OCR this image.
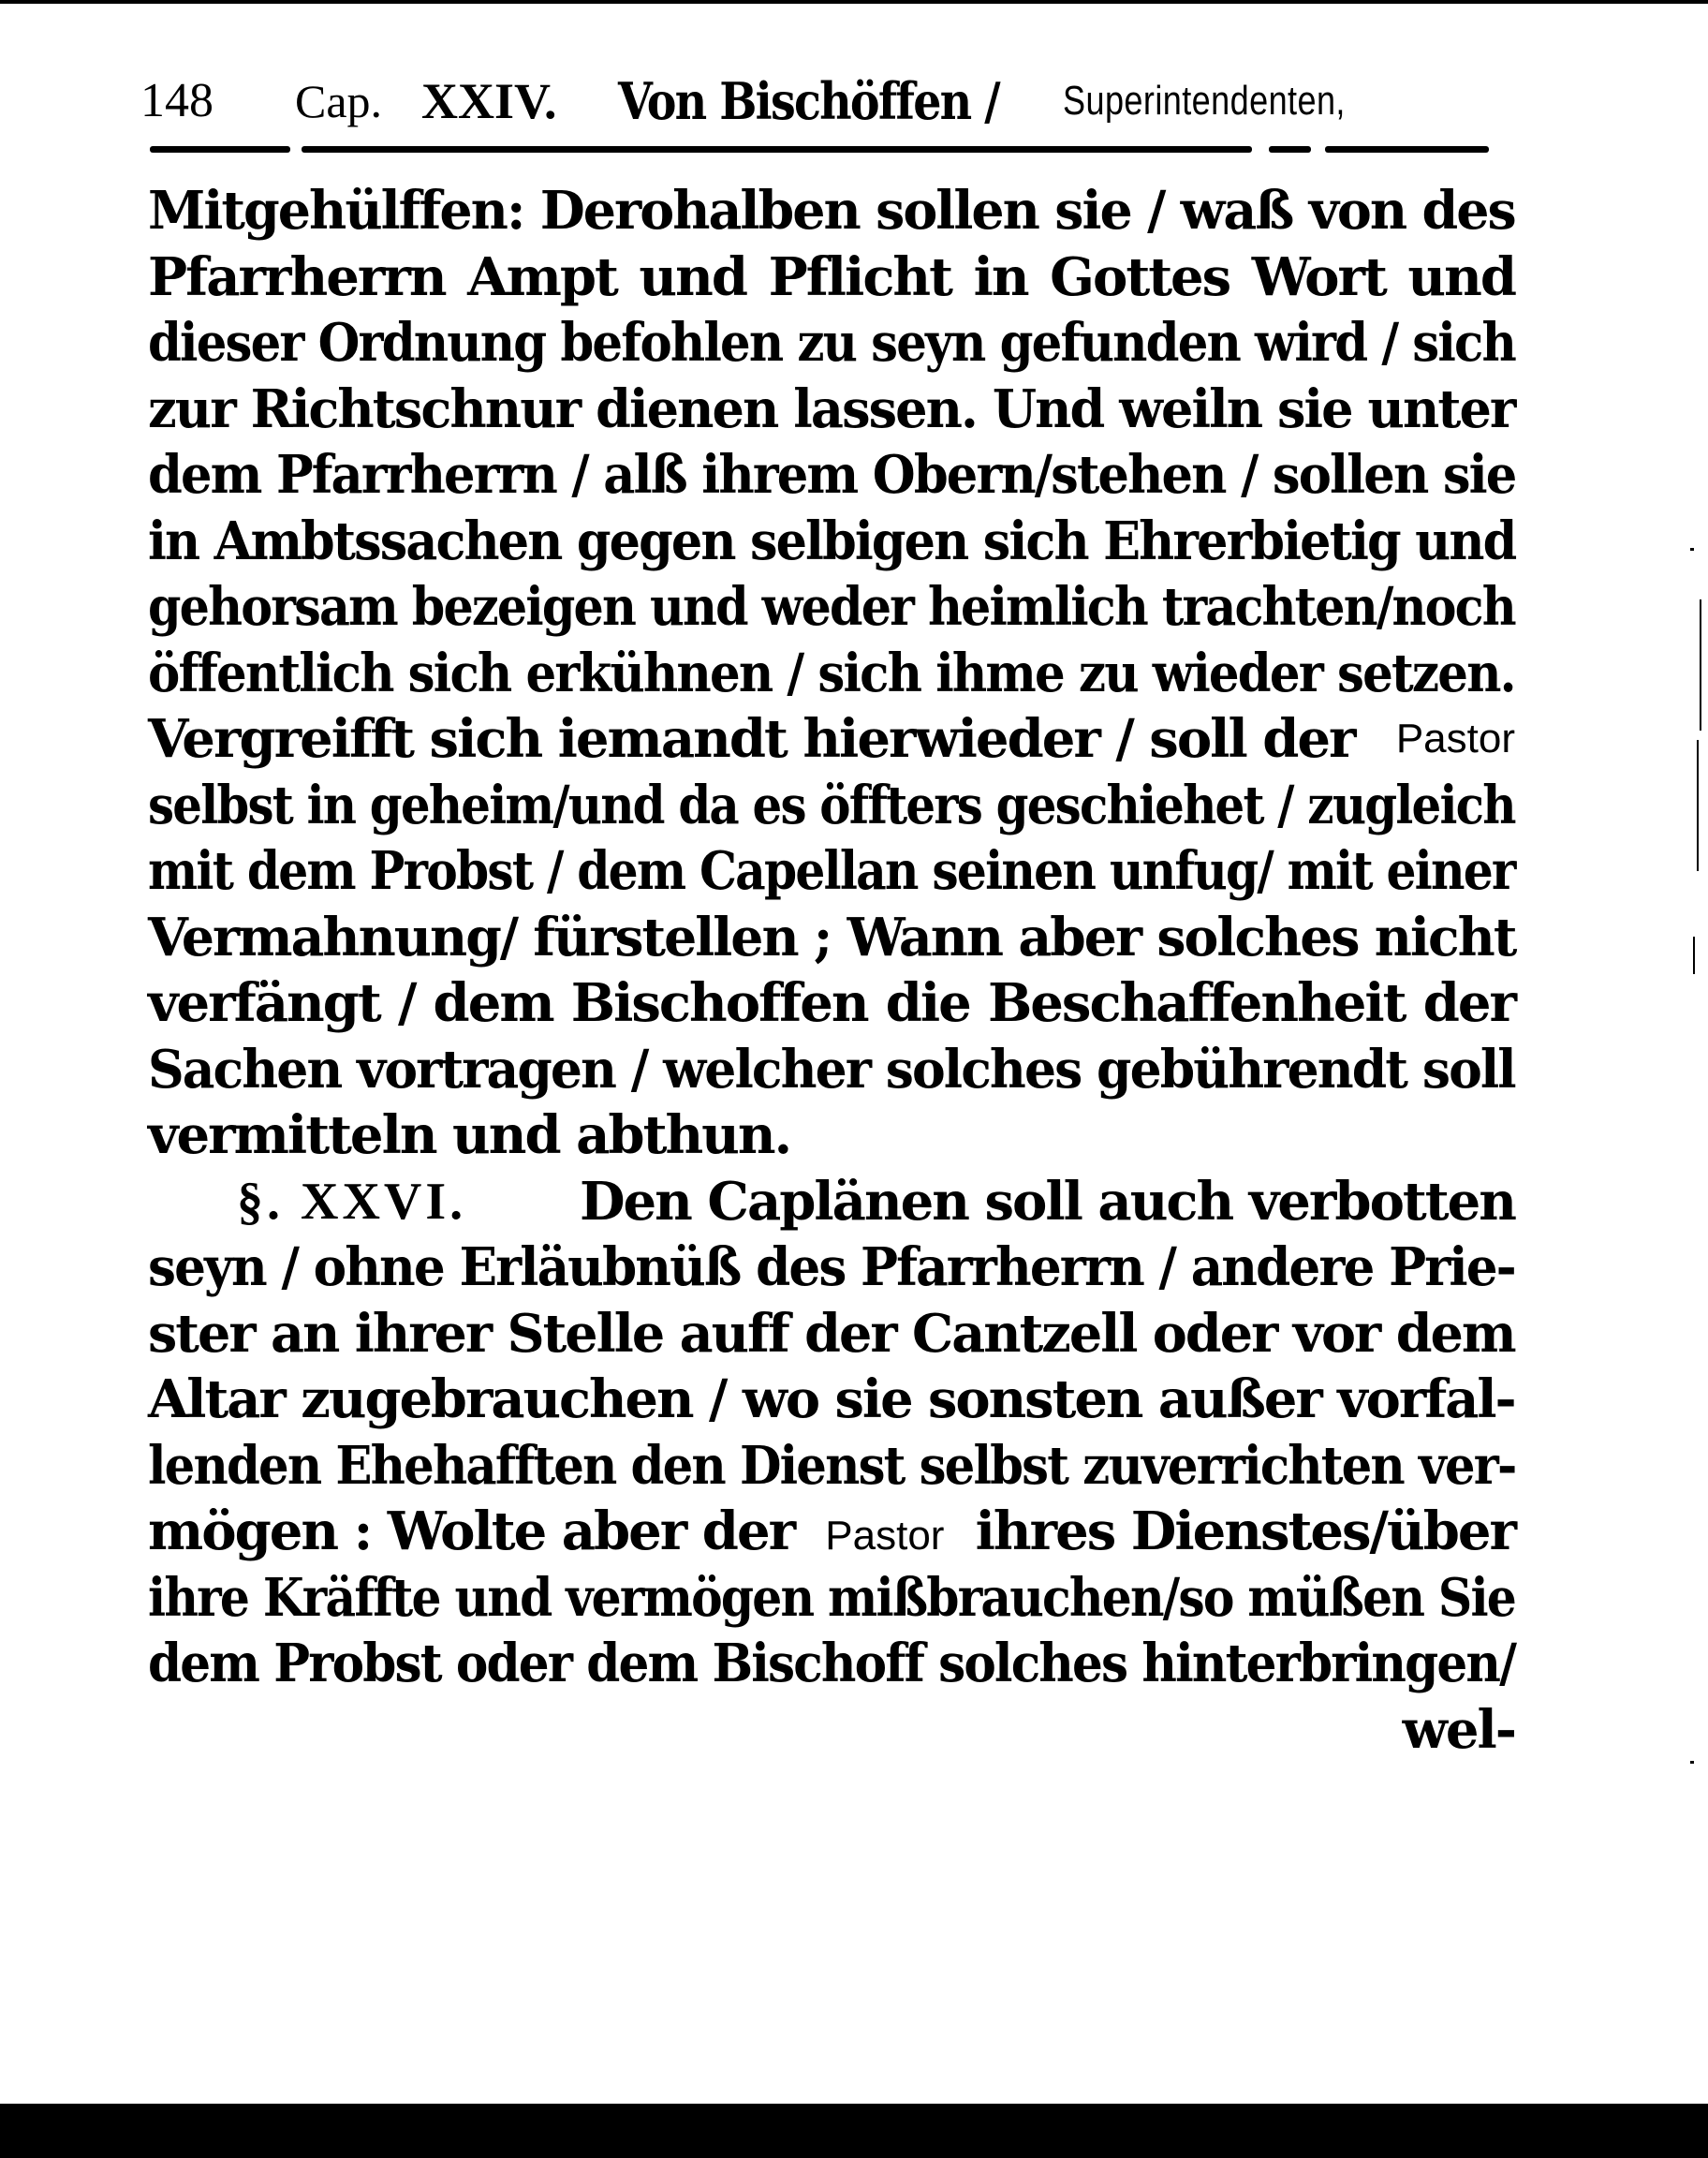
148 Cap. XXIV. Von Bischöffen / Superintendenten,
Mitgehülffen: Derohalben sollen sie / waß von des
Pfarrherrn Ampt und Pflicht in Gottes Wort und
dieser Ordnung befohlen zu seyn gefunden wird / sich
zur Richtschnur dienen lassen. Und weiln sie unter
dem Pfarrherrn / alß ihrem Obern/stehen / sollen sie
in Ambtssachen gegen selbigen sich Ehrerbietig und
gehorsam bezeigen und weder heimlich trachten/noch
öffentlich sich erkühnen / sich ihme zu wieder setzen.
Vergreifft sich iemandt hierwieder / soll der Pastor
selbst in geheim/und da es öffters geschiehet / zugleich
mit dem Probst / dem Capellan seinen unfug/ mit einer
Vermahnung/ fürstellen ; Wann aber solches nicht
verfängt / dem Bischoffen die Beschaffenheit der
Sachen vortragen / welcher solches gebührendt soll
vermitteln und abthun.
§. XXVI. Den Caplänen soll auch verbotten
seyn / ohne Erläubnüß des Pfarrherrn / andere Prie-
ster an ihrer Stelle auff der Cantzell oder vor dem
Altar zugebrauchen / wo sie sonsten außer vorfal-
lenden Ehehafften den Dienst selbst zuverrichten ver-
mögen : Wolte aber der Pastor ihres Dienstes/über
ihre Kräffte und vermögen mißbrauchen/so müßen Sie
dem Probst oder dem Bischoff solches hinterbringen/
wel-
